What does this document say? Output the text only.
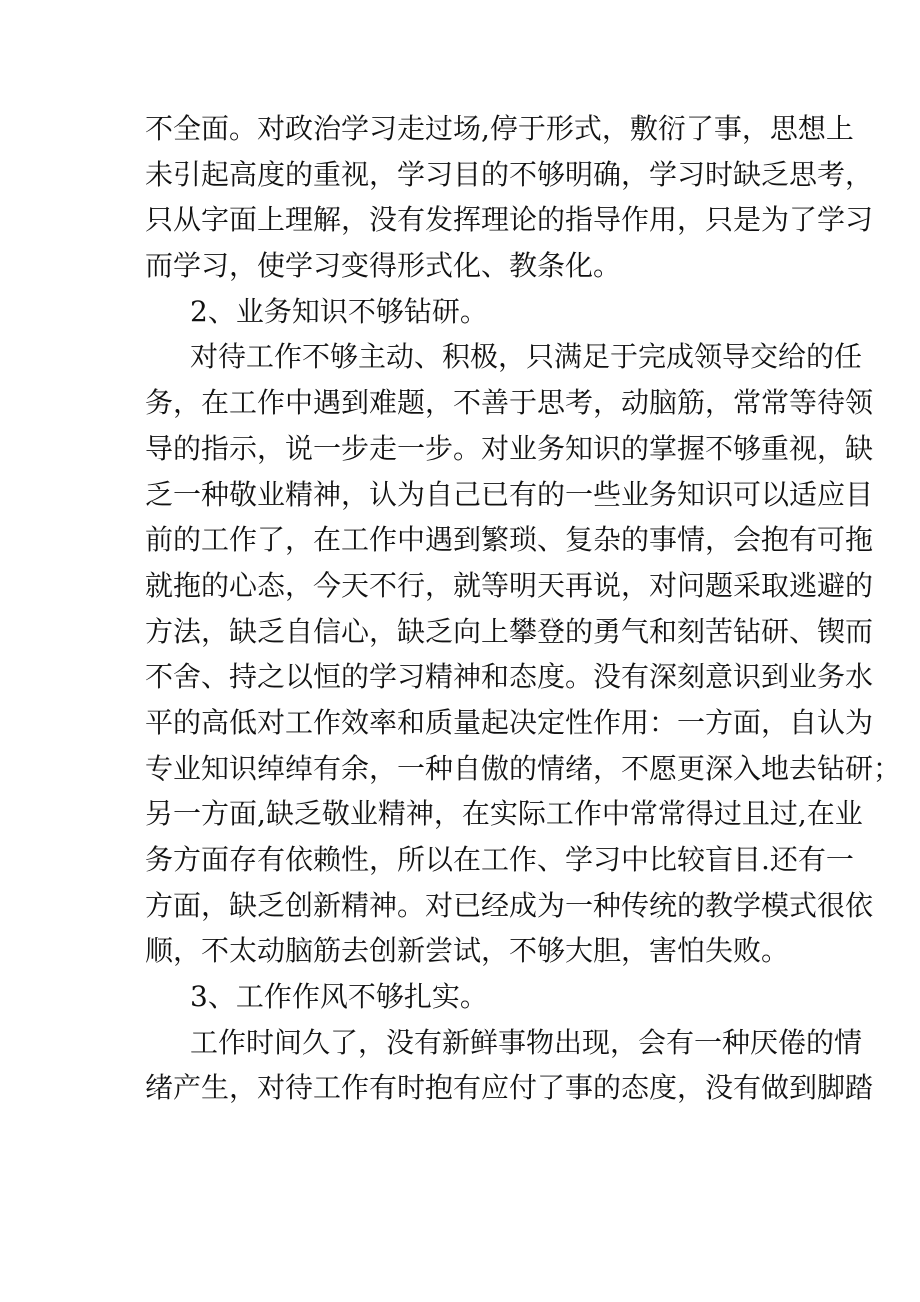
不全面。对政治学习走过场,停于形式，敷衍了事，思想上
未引起高度的重视，学习目的不够明确，学习时缺乏思考，
只从字面上理解，没有发挥理论的指导作用，只是为了学习
而学习，使学习变得形式化、教条化。
2、业务知识不够钻研。
对待工作不够主动、积极，只满足于完成领导交给的任
务，在工作中遇到难题，不善于思考，动脑筋，常常等待领
导的指示，说一步走一步。对业务知识的掌握不够重视，缺
乏一种敬业精神，认为自己已有的一些业务知识可以适应目
前的工作了，在工作中遇到繁琐、复杂的事情，会抱有可拖
就拖的心态，今天不行，就等明天再说，对问题采取逃避的
方法，缺乏自信心，缺乏向上攀登的勇气和刻苦钻研、锲而
不舍、持之以恒的学习精神和态度。没有深刻意识到业务水
平的高低对工作效率和质量起决定性作用：一方面，自认为
专业知识绰绰有余，一种自傲的情绪，不愿更深入地去钻研；
另一方面,缺乏敬业精神，在实际工作中常常得过且过,在业
务方面存有依赖性，所以在工作、学习中比较盲目.还有一
方面，缺乏创新精神。对已经成为一种传统的教学模式很依
顺，不太动脑筋去创新尝试，不够大胆，害怕失败。
3、工作作风不够扎实。
工作时间久了，没有新鲜事物出现，会有一种厌倦的情
绪产生，对待工作有时抱有应付了事的态度，没有做到脚踏
